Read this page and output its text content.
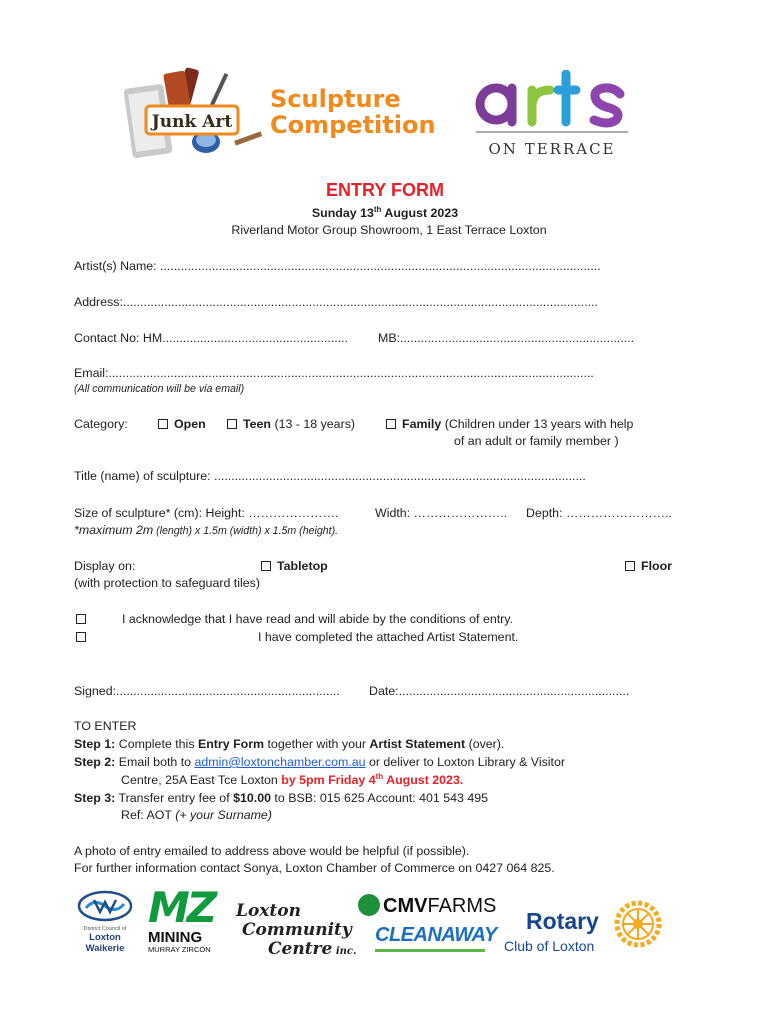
Junk Art
Sculpture
Competition
arts
ON TERRACE
ENTRY FORM
Sunday 13th August 2023
Riverland Motor Group Showroom, 1 East Terrace Loxton
Artist(s) Name: ................................................................................................................................
Address:..........................................................................................................................................
Contact No: HM...................................................... MB:....................................................................
Email:.............................................................................................................................................
(All communication will be via email)
Category:	Open	Teen (13 - 18 years)	Family (Children under 13 years with help
of an adult or family member )
Title (name) of sculpture: ............................................................................................................
Size of sculpture* (cm): Height: ………………….	Width: ………………….. Depth: ……………………..
*maximum 2m (length) x 1.5m (width) x 1.5m (height).
Display on:	Tabletop	Floor
(with protection to safeguard tiles)
I acknowledge that I have read and will abide by the conditions of entry.
I have completed the attached Artist Statement.
Signed:................................................................. Date:...................................................................
TO ENTER
Step 1: Complete this Entry Form together with your Artist Statement (over).
Step 2: Email both to admin@loxtonchamber.com.au or deliver to Loxton Library & Visitor
Centre, 25A East Tce Loxton by 5pm Friday 4th August 2023.
Step 3: Transfer entry fee of $10.00 to BSB: 015 625 Account: 401 543 495
Ref: AOT (+ your Surname)
A photo of entry emailed to address above would be helpful (if possible).
For further information contact Sonya, Loxton Chamber of Commerce on 0427 064 825.
District Council of
Loxton
Waikerie
MZ
MINING
MURRAY ZIRCON
Loxton
Community
Centre inc.
CMVFARMS
CLEANAWAY
Rotary
Club of Loxton
